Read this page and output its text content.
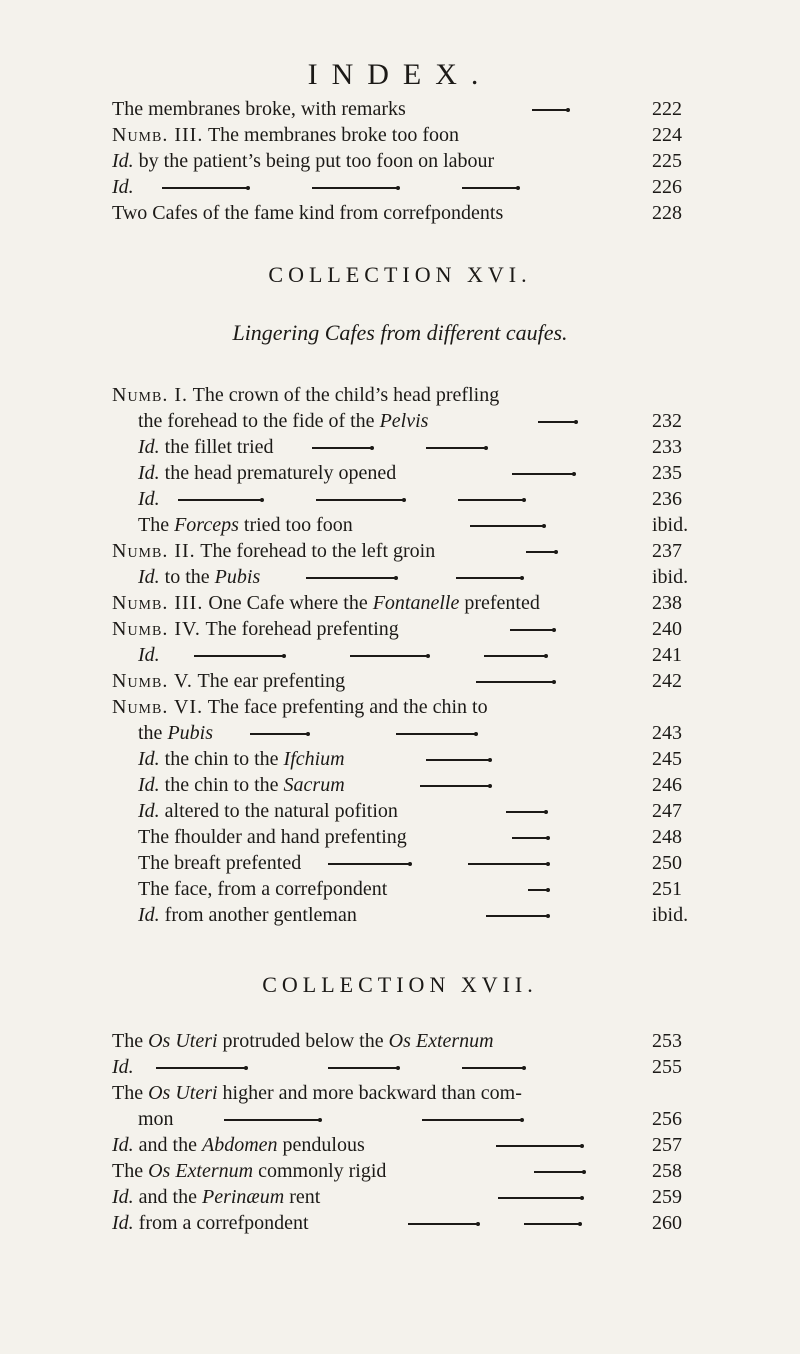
INDEX.
The membranes broke, with remarks	222
Numb. III. The membranes broke too foon	224
Id. by the patient’s being put too foon on labour	225
Id.	226
Two Cafes of the fame kind from correfpondents	228
COLLECTION XVI.
Lingering Cafes from different caufes.
Numb. I. The crown of the child’s head prefling
the forehead to the fide of the Pelvis	232
Id. the fillet tried	233
Id. the head prematurely opened	235
Id.	236
The Forceps tried too foon	ibid.
Numb. II. The forehead to the left groin	237
Id. to the Pubis	ibid.
Numb. III. One Cafe where the Fontanelle prefented	238
Numb. IV. The forehead prefenting	240
Id.	241
Numb. V. The ear prefenting	242
Numb. VI. The face prefenting and the chin to
the Pubis	243
Id. the chin to the Ifchium	245
Id. the chin to the Sacrum	246
Id. altered to the natural pofition	247
The fhoulder and hand prefenting	248
The breaft prefented	250
The face, from a correfpondent	251
Id. from another gentleman	ibid.
COLLECTION XVII.
The Os Uteri protruded below the Os Externum	253
Id.	255
The Os Uteri higher and more backward than com-
mon	256
Id. and the Abdomen pendulous	257
The Os Externum commonly rigid	258
Id. and the Perinæum rent	259
Id. from a correfpondent	260
